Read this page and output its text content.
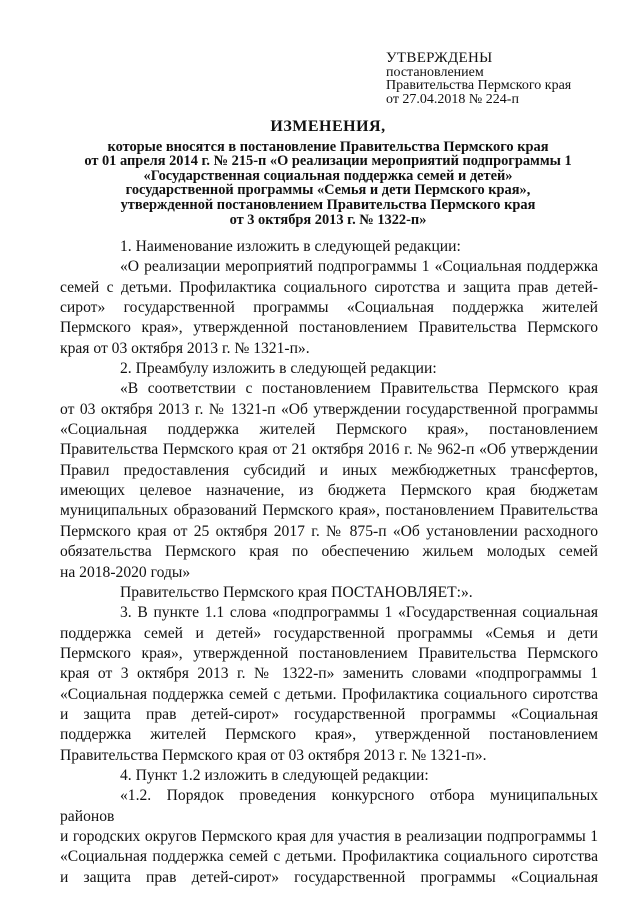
УТВЕРЖДЕНЫ
постановлением
Правительства Пермского края
от 27.04.2018 № 224-п
ИЗМЕНЕНИЯ,
которые вносятся в постановление Правительства Пермского края
от 01 апреля 2014 г. № 215-п «О реализации мероприятий подпрограммы 1
«Государственная социальная поддержка семей и детей»
государственной программы «Семья и дети Пермского края»,
утвержденной постановлением Правительства Пермского края
от 3 октября 2013 г. № 1322-п»

1. Наименование изложить в следующей редакции:

«О реализации мероприятий подпрограммы 1 «Социальная поддержка

семей с детьми. Профилактика социального сиротства и защита прав детей-

сирот» государственной программы «Социальная поддержка жителей

Пермского края», утвержденной постановлением Правительства Пермского

края от 03 октября 2013 г. № 1321-п».

2. Преамбулу изложить в следующей редакции:

«В соответствии с постановлением Правительства Пермского края

от 03 октября 2013 г. № 1321-п «Об утверждении государственной программы

«Социальная поддержка жителей Пермского края», постановлением

Правительства Пермского края от 21 октября 2016 г. № 962-п «Об утверждении

Правил предоставления субсидий и иных межбюджетных трансфертов,

имеющих целевое назначение, из бюджета Пермского края бюджетам

муниципальных образований Пермского края», постановлением Правительства

Пермского края от 25 октября 2017 г. № 875-п «Об установлении расходного

обязательства Пермского края по обеспечению жильем молодых семей

на 2018-2020 годы»

Правительство Пермского края ПОСТАНОВЛЯЕТ:».

3. В пункте 1.1 слова «подпрограммы 1 «Государственная социальная

поддержка семей и детей» государственной программы «Семья и дети

Пермского края», утвержденной постановлением Правительства Пермского

края от 3 октября 2013 г. № 1322-п» заменить словами «подпрограммы 1

«Социальная поддержка семей с детьми. Профилактика социального сиротства

и защита прав детей-сирот» государственной программы «Социальная

поддержка жителей Пермского края», утвержденной постановлением

Правительства Пермского края от 03 октября 2013 г. № 1321-п».

4. Пункт 1.2 изложить в следующей редакции:

«1.2. Порядок проведения конкурсного отбора муниципальных районов

и городских округов Пермского края для участия в реализации подпрограммы 1

«Социальная поддержка семей с детьми. Профилактика социального сиротства

и защита прав детей-сирот» государственной программы «Социальная
